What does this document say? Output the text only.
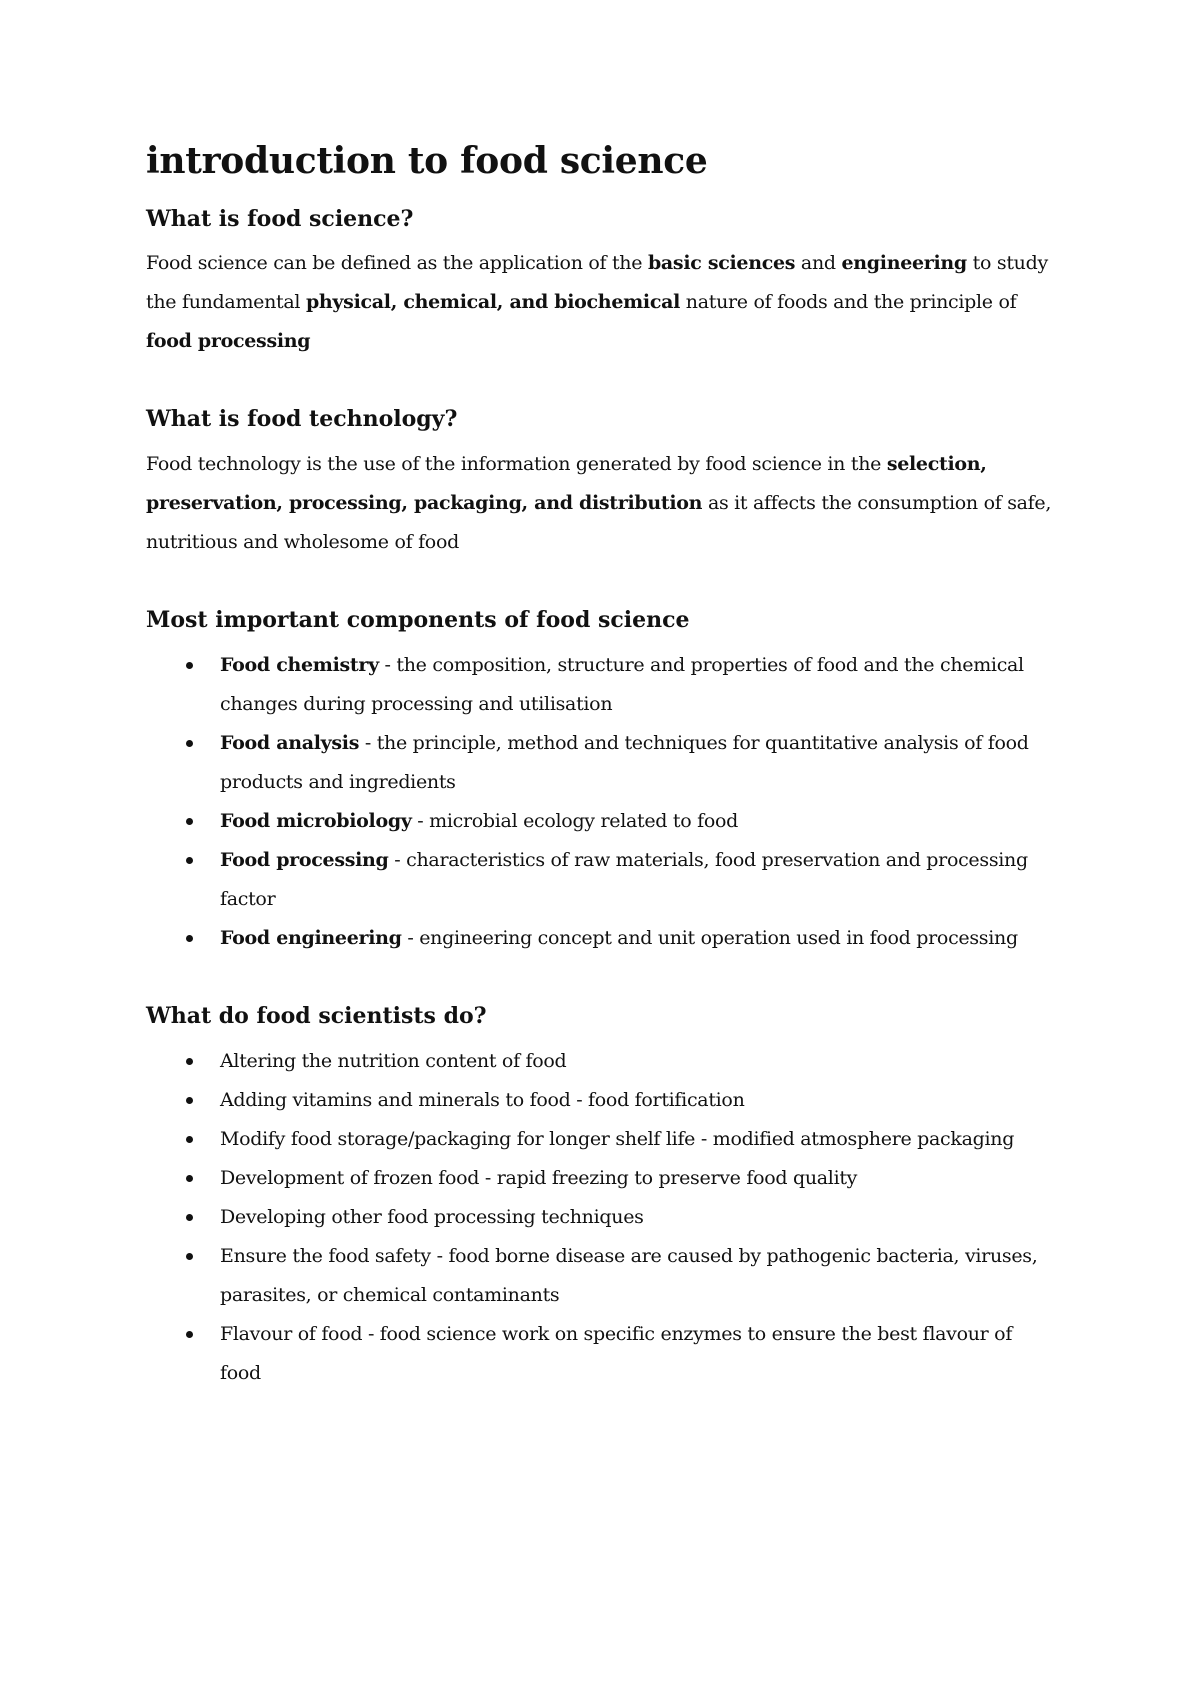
introduction to food science
What is food science?

Food science can be defined as the application of the basic sciences and engineering to study the fundamental physical, chemical, and biochemical nature of foods and the principle of food processing

What is food technology?

Food technology is the use of the information generated by food science in the selection, preservation, processing, packaging, and distribution as it affects the consumption of safe, nutritious and wholesome of food

Most important components of food science
Food chemistry - the composition, structure and properties of food and the chemical changes during processing and utilisation
Food analysis - the principle, method and techniques for quantitative analysis of food products and ingredients
Food microbiology - microbial ecology related to food
Food processing - characteristics of raw materials, food preservation and processing factor
Food engineering - engineering concept and unit operation used in food processing
What do food scientists do?
Altering the nutrition content of food
Adding vitamins and minerals to food - food fortification
Modify food storage/packaging for longer shelf life - modified atmosphere packaging
Development of frozen food - rapid freezing to preserve food quality
Developing other food processing techniques
Ensure the food safety - food borne disease are caused by pathogenic bacteria, viruses, parasites, or chemical contaminants
Flavour of food - food science work on specific enzymes to ensure the best flavour of food
